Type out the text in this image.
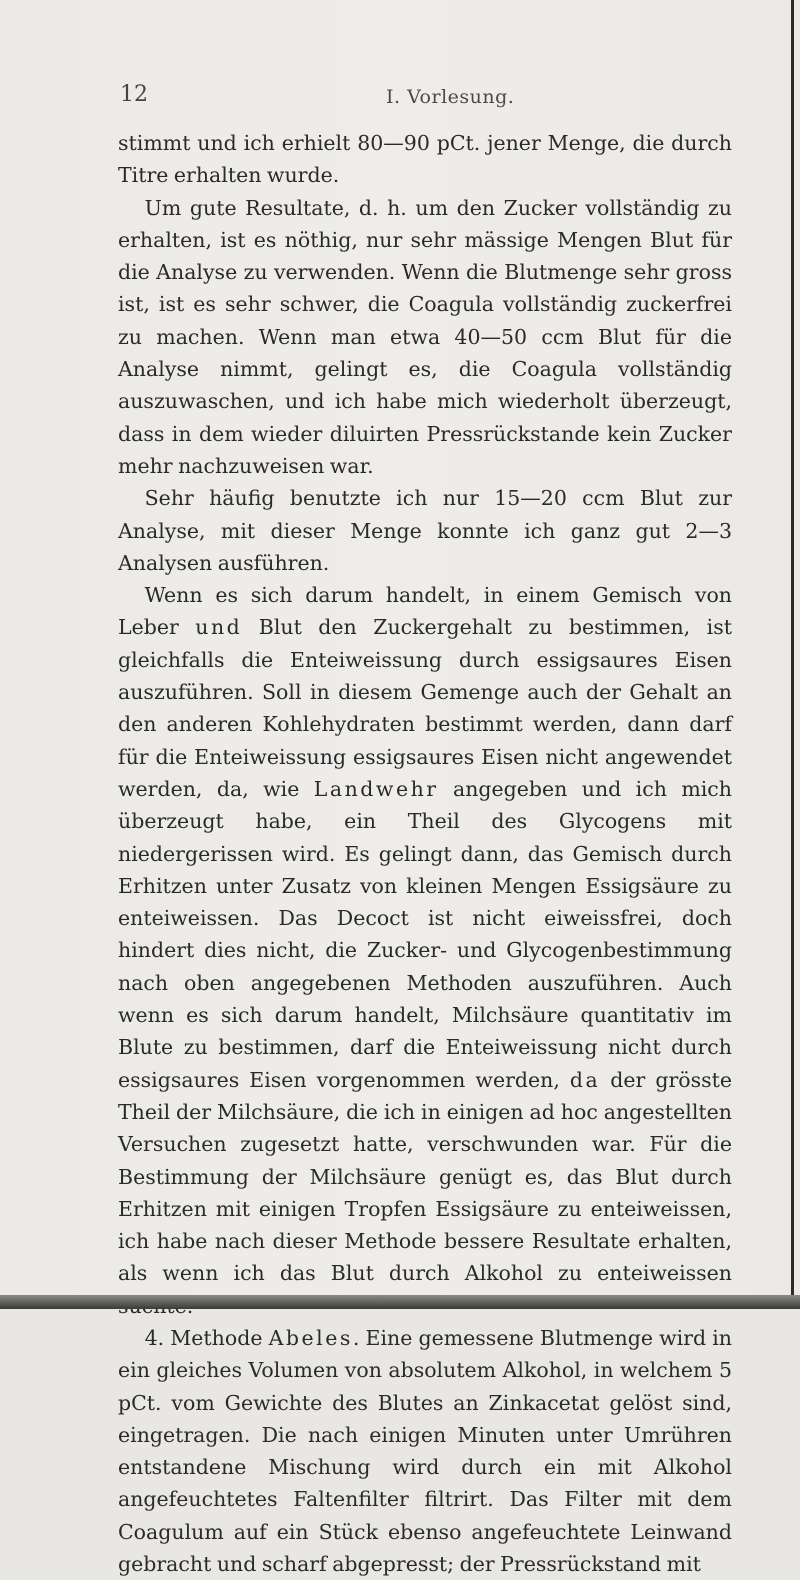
12	I. Vorlesung.

stimmt und ich erhielt 80—90 pCt. jener Menge, die durch Titre erhalten wurde.

Um gute Resultate, d. h. um den Zucker vollständig zu erhalten, ist es nöthig, nur sehr mässige Mengen Blut für die Analyse zu verwenden. Wenn die Blutmenge sehr gross ist, ist es sehr schwer, die Coagula vollständig zuckerfrei zu machen. Wenn man etwa 40—50 ccm Blut für die Analyse nimmt, gelingt es, die Coagula vollständig auszuwaschen, und ich habe mich wiederholt überzeugt, dass in dem wieder diluirten Pressrückstande kein Zucker mehr nachzuweisen war.

Sehr häufig benutzte ich nur 15—20 ccm Blut zur Analyse, mit dieser Menge konnte ich ganz gut 2—3 Analysen ausführen.

Wenn es sich darum handelt, in einem Gemisch von Leber und Blut den Zuckergehalt zu bestimmen, ist gleichfalls die Enteiweissung durch essigsaures Eisen auszuführen. Soll in diesem Gemenge auch der Gehalt an den anderen Kohlehydraten bestimmt werden, dann darf für die Enteiweissung essigsaures Eisen nicht angewendet werden, da, wie Landwehr angegeben und ich mich überzeugt habe, ein Theil des Glycogens mit niedergerissen wird. Es gelingt dann, das Gemisch durch Erhitzen unter Zusatz von kleinen Mengen Essigsäure zu enteiweissen. Das Decoct ist nicht eiweissfrei, doch hindert dies nicht, die Zucker- und Glycogenbestimmung nach oben angegebenen Methoden auszuführen. Auch wenn es sich darum handelt, Milchsäure quantitativ im Blute zu bestimmen, darf die Enteiweissung nicht durch essigsaures Eisen vorgenommen werden, da der grösste Theil der Milchsäure, die ich in einigen ad hoc angestellten Versuchen zugesetzt hatte, verschwunden war. Für die Bestimmung der Milchsäure genügt es, das Blut durch Erhitzen mit einigen Tropfen Essigsäure zu enteiweissen, ich habe nach dieser Methode bessere Resultate erhalten, als wenn ich das Blut durch Alkohol zu enteiweissen

4. Methode Abeles. Eine gemessene Blutmenge wird in ein gleiches Volumen von absolutem Alkohol, in welchem 5 pCt. vom Gewichte des Blutes an Zinkacetat gelöst sind, eingetragen. Die nach einigen Minuten unter Umrühren entstandene Mischung wird durch ein mit Alkohol angefeuchtetes Faltenfilter filtrirt. Das Filter mit dem Coagulum auf ein Stück ebenso angefeuchtete Leinwand gebracht und scharf abgepresst; der Pressrückstand mit
